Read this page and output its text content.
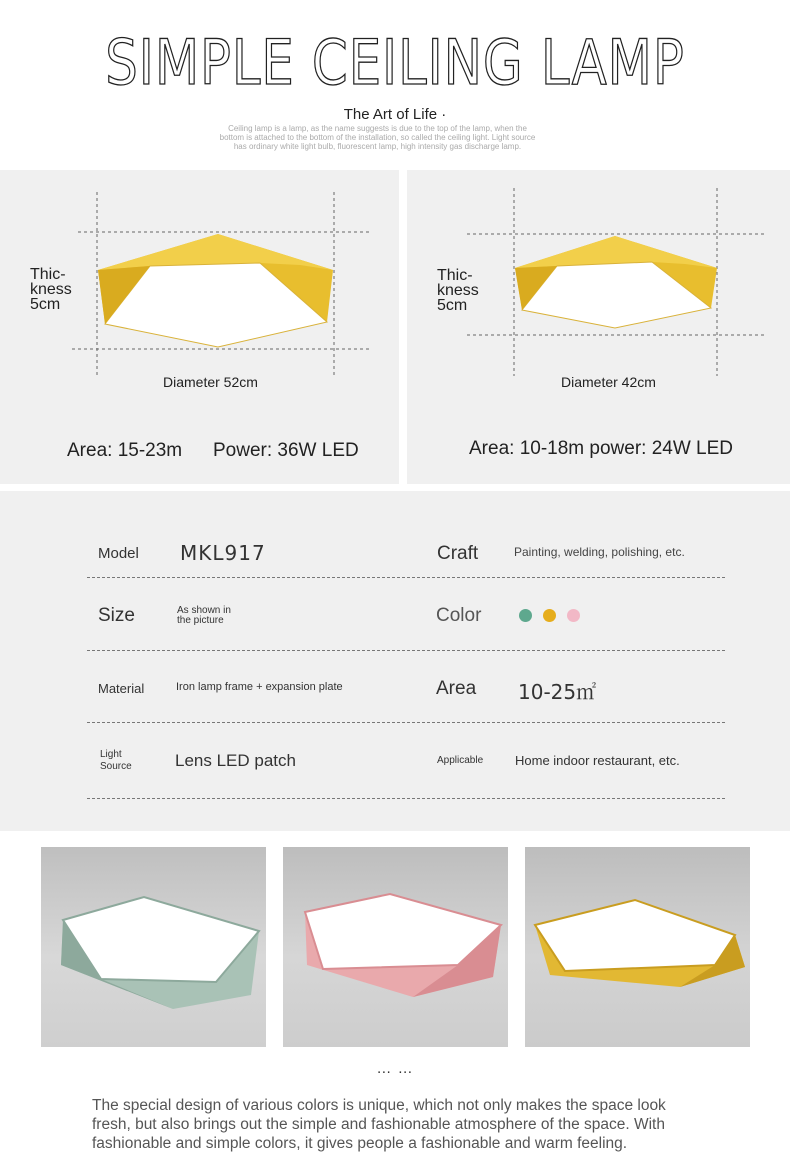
SIMPLE CEILING LAMP
The Art of Life ·
Ceiling lamp is a lamp, as the name suggests is due to the top of the lamp, when the bottom is attached to the bottom of the installation, so called the ceiling light. Light source has ordinary white light bulb, fluorescent lamp, high intensity gas discharge lamp.
Thic-
kness
5cm
Diameter 52cm
Area: 15-23m Power: 36W LED
Thic-
kness
5cm
Diameter 42cm
Area: 10-18m power: 24W LED
Model MKL917	Craft	Painting, welding, polishing, etc.
Size	As shown in the picture	Color
Material	Iron lamp frame + expansion plate	Area 10-25㎡
Light Source	Lens LED patch	Applicable Home indoor restaurant, etc.
… …
The special design of various colors is unique, which not only makes the space look fresh, but also brings out the simple and fashionable atmosphere of the space. With fashionable and simple colors, it gives people a fashionable and warm feeling.
